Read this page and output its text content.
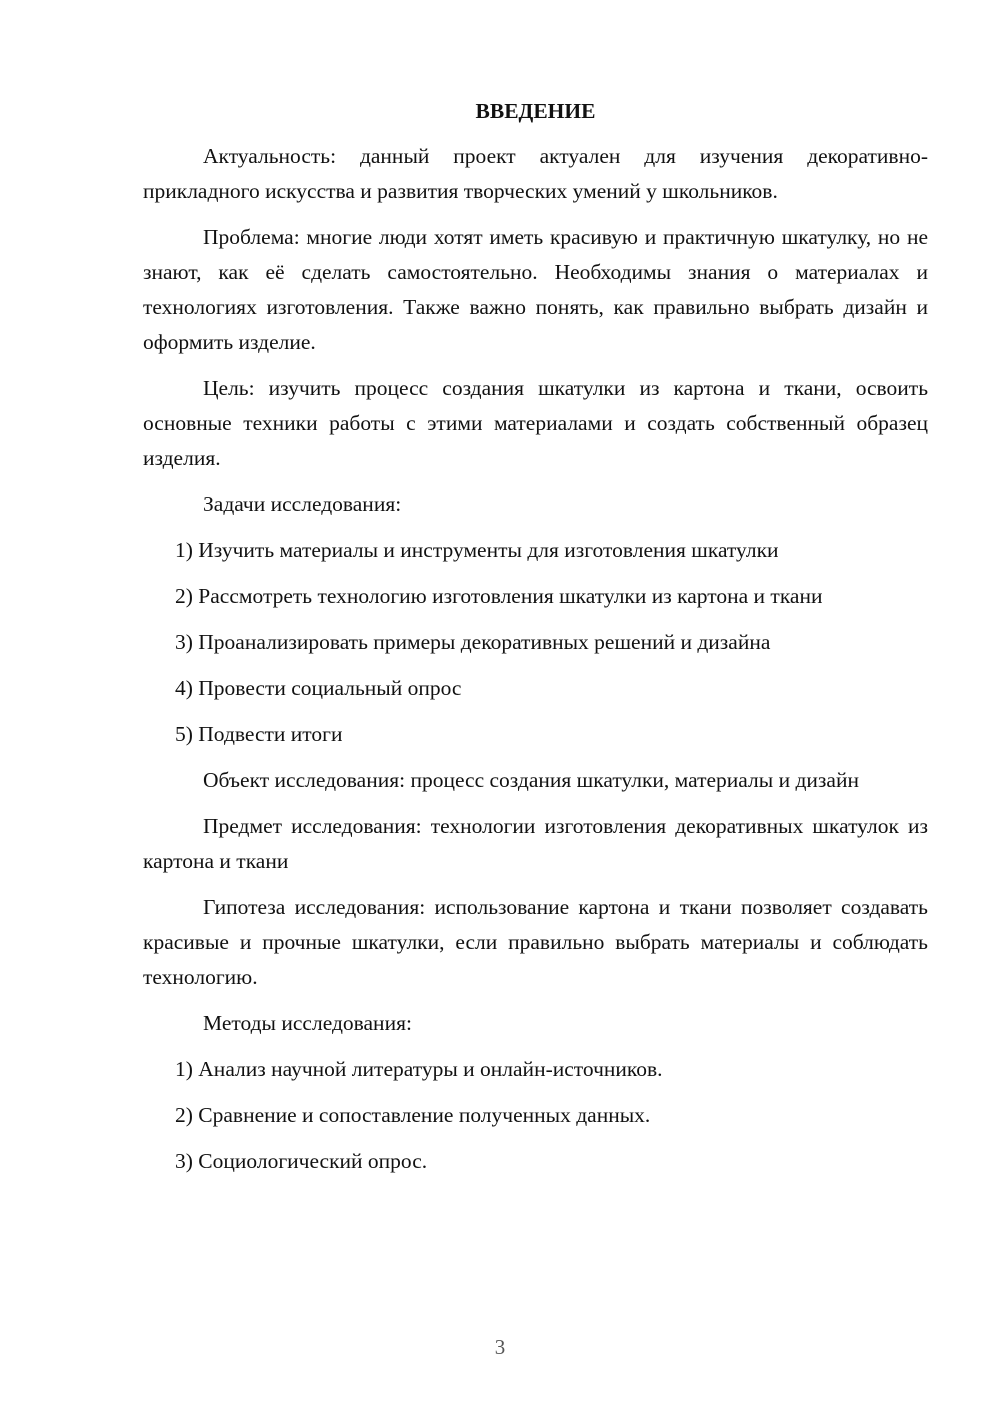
ВВЕДЕНИЕ

Актуальность: данный проект актуален для изучения декоративно-прикладного искусства и развития творческих умений у школьников.

Проблема: многие люди хотят иметь красивую и практичную шкатулку, но не знают, как её сделать самостоятельно. Необходимы знания о материалах и технологиях изготовления. Также важно понять, как правильно выбрать дизайн и оформить изделие.

Цель: изучить процесс создания шкатулки из картона и ткани, освоить основные техники работы с этими материалами и создать собственный образец изделия.

Задачи исследования:

1) Изучить материалы и инструменты для изготовления шкатулки

2) Рассмотреть технологию изготовления шкатулки из картона и ткани

3) Проанализировать примеры декоративных решений и дизайна

4) Провести социальный опрос

5) Подвести итоги

Объект исследования: процесс создания шкатулки, материалы и дизайн

Предмет исследования: технологии изготовления декоративных шкатулок из картона и ткани

Гипотеза исследования: использование картона и ткани позволяет создавать красивые и прочные шкатулки, если правильно выбрать материалы и соблюдать технологию.

Методы исследования:

1) Анализ научной литературы и онлайн-источников.

2) Сравнение и сопоставление полученных данных.

3) Социологический опрос.

3
